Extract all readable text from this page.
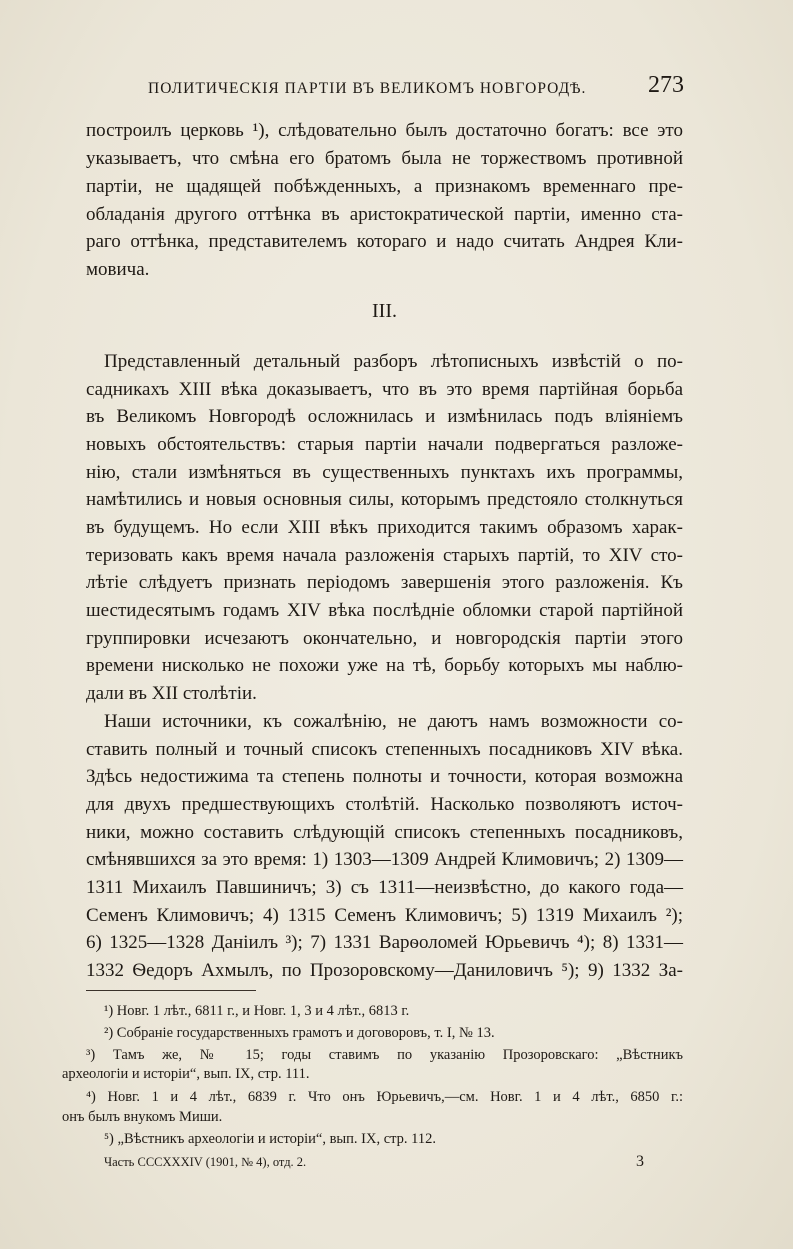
ПОЛИТИЧЕСКІЯ ПАРТІИ ВЪ ВЕЛИКОМЪ НОВГОРОДѢ.	273
построилъ церковь ¹), слѣдовательно былъ достаточно богатъ: все это
указываетъ, что смѣна его братомъ была не торжествомъ противной
партіи, не щадящей побѣжденныхъ, а признакомъ временнаго пре-
обладанія другого оттѣнка въ аристократической партіи, именно ста-
раго оттѣнка, представителемъ котораго и надо считать Андрея Кли-
мовича.
III.
Представленный детальный разборъ лѣтописныхъ извѣстій о по-
садникахъ XIII вѣка доказываетъ, что въ это время партійная борьба
въ Великомъ Новгородѣ осложнилась и измѣнилась подъ вліяніемъ
новыхъ обстоятельствъ: старыя партіи начали подвергаться разложе-
нію, стали измѣняться въ существенныхъ пунктахъ ихъ программы,
намѣтились и новыя основныя силы, которымъ предстояло столкнуться
въ будущемъ. Но если XIII вѣкъ приходится такимъ образомъ харак-
теризовать какъ время начала разложенія старыхъ партій, то XIV сто-
лѣтіе слѣдуетъ признать періодомъ завершенія этого разложенія. Къ
шестидесятымъ годамъ XIV вѣка послѣдніе обломки старой партійной
группировки исчезаютъ окончательно, и новгородскія партіи этого
времени нисколько не похожи уже на тѣ, борьбу которыхъ мы наблю-
дали въ XII столѣтіи.
Наши источники, къ сожалѣнію, не даютъ намъ возможности со-
ставить полный и точный списокъ степенныхъ посадниковъ XIV вѣка.
Здѣсь недостижима та степень полноты и точности, которая возможна
для двухъ предшествующихъ столѣтій. Насколько позволяютъ источ-
ники, можно составить слѣдующій списокъ степенныхъ посадниковъ,
смѣнявшихся за это время: 1) 1303—1309 Андрей Климовичъ; 2) 1309—
1311 Михаилъ Павшиничъ; 3) съ 1311—неизвѣстно, до какого года—
Семенъ Климовичъ; 4) 1315 Семенъ Климовичъ; 5) 1319 Михаилъ ²);
6) 1325—1328 Даніилъ ³); 7) 1331 Варѳоломей Юрьевичъ ⁴); 8) 1331—
1332 Ѳедоръ Ахмылъ, по Прозоровскому—Даниловичъ ⁵); 9) 1332 За-
¹) Новг. 1 лѣт., 6811 г., и Новг. 1, 3 и 4 лѣт., 6813 г.
²) Собраніе государственныхъ грамотъ и договоровъ, т. I, № 13.
³) Тамъ же, № 15; годы ставимъ по указанію Прозоровскаго: „Вѣстникъ
археологіи и исторіи“, вып. IX, стр. 111.
⁴) Новг. 1 и 4 лѣт., 6839 г. Что онъ Юрьевичъ,—см. Новг. 1 и 4 лѣт., 6850 г.:
онъ былъ внукомъ Миши.
⁵) „Вѣстникъ археологіи и исторіи“, вып. IX, стр. 112.
Часть CCCXXXIV (1901, № 4), отд. 2.	3
